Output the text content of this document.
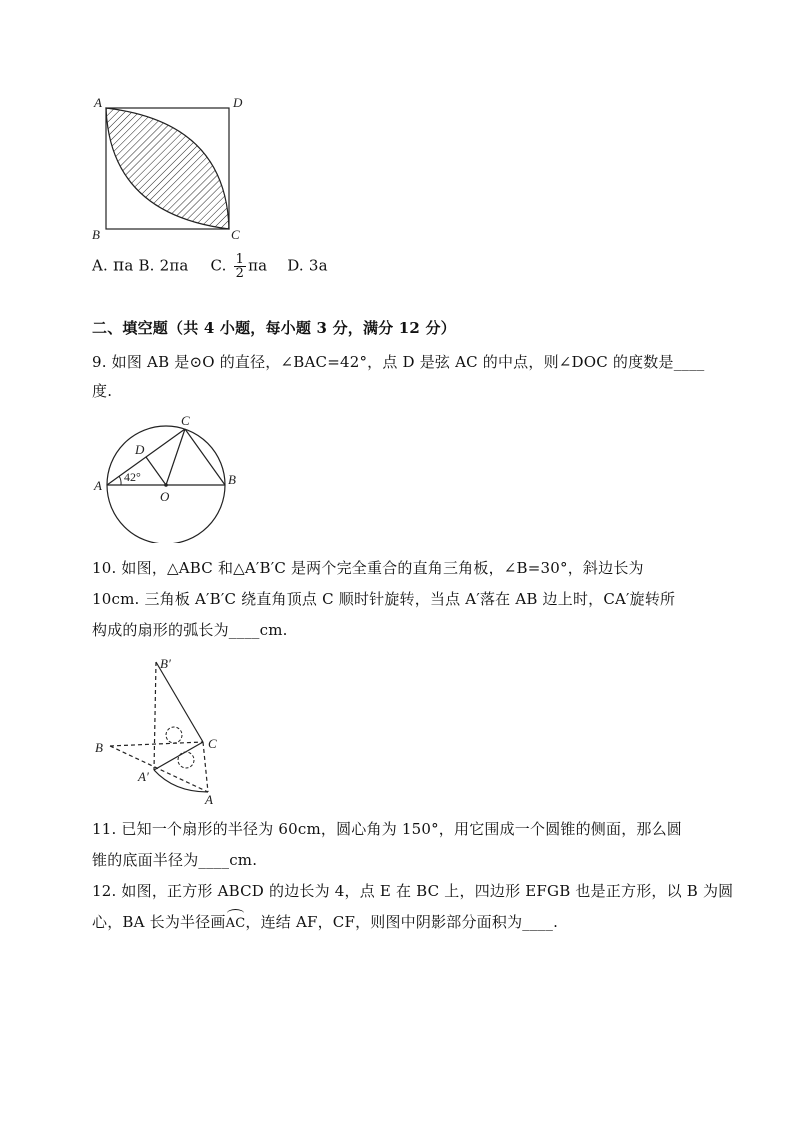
A	D
B	C
A. πa B. 2πa C. $\frac{1}{2}$ πa D. 3a
二、填空题（共 4 小题，每小题 3 分，满分 12 分）
9. 如图 AB 是⊙O 的直径，∠BAC=42°，点 D 是弦 AC 的中点，则∠DOC 的度数是____
度.
A	B
C
D
O
42°
10. 如图，△ABC 和△A′B′C 是两个完全重合的直角三角板，∠B=30°，斜边长为
10cm. 三角板 A′B′C 绕直角顶点 C 顺时针旋转，当点 A′落在 AB 边上时，CA′旋转所
构成的扇形的弧长为____cm.
B′
B	C
A′
A
11. 已知一个扇形的半径为 60cm，圆心角为 150°，用它围成一个圆锥的侧面，那么圆
锥的底面半径为____cm.
12. 如图，正方形 ABCD 的边长为 4，点 E 在 BC 上，四边形 EFGB 也是正方形，以 B 为圆
心，BA 长为半径画AC，连结 AF，CF，则图中阴影部分面积为____.
